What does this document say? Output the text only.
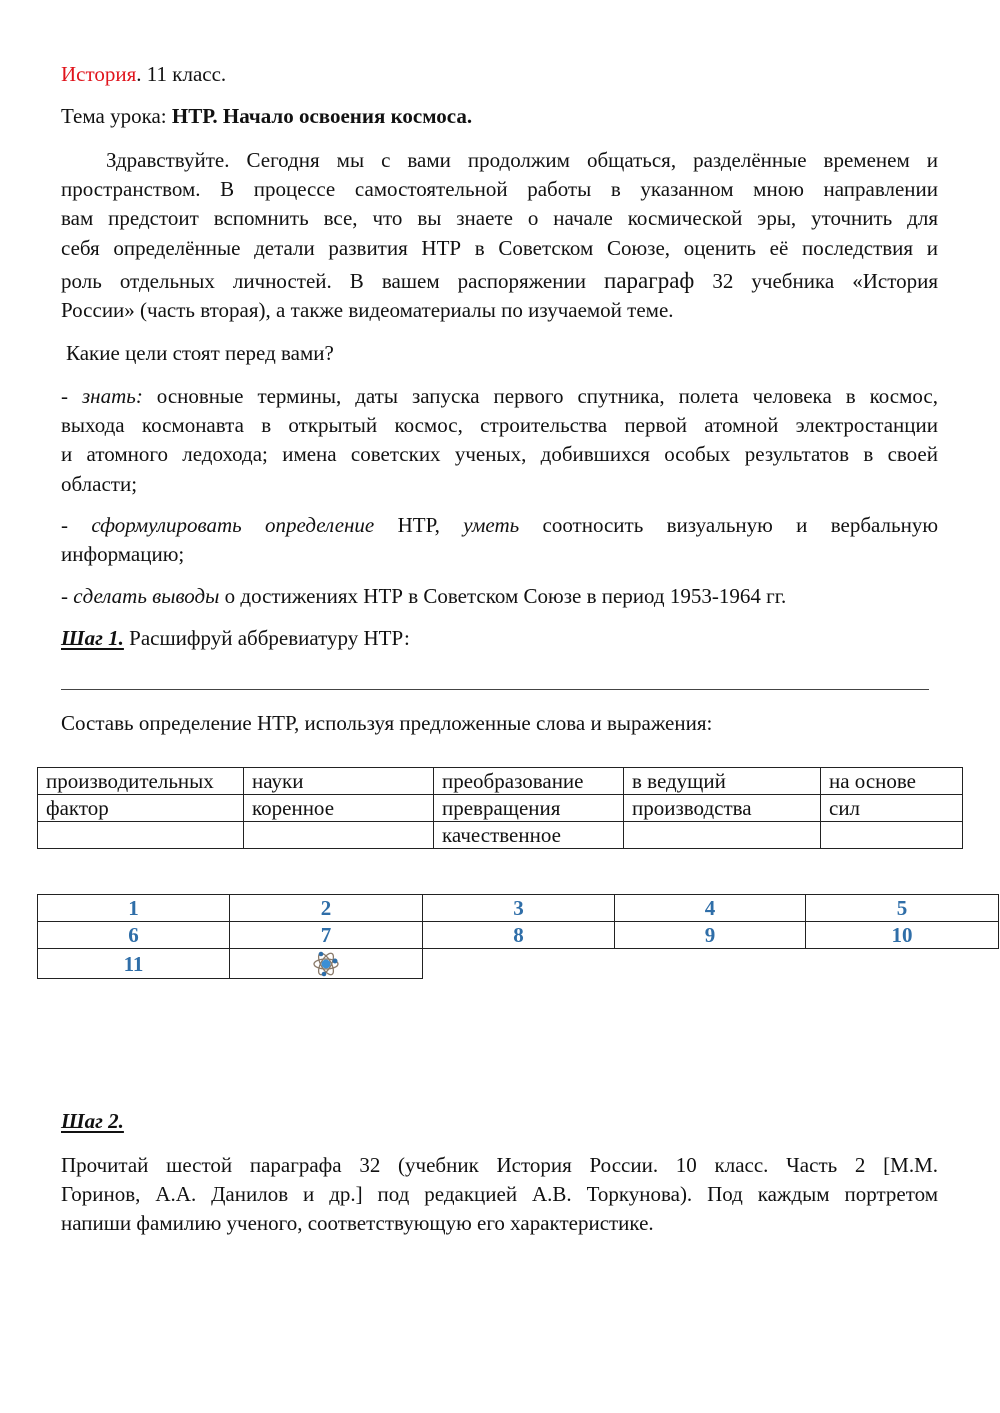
История. 11 класс.
Тема урока: НТР. Начало освоения космоса.
Здравствуйте. Сегодня мы с вами продолжим общаться, разделённые временем и
пространством. В процессе самостоятельной работы в указанном мною направлении
вам предстоит вспомнить все, что вы знаете о начале космической эры, уточнить для
себя определённые детали развития НТР в Советском Союзе, оценить её последствия и
роль отдельных личностей. В вашем распоряжении параграф 32 учебника «История
России» (часть вторая), а также видеоматериалы по изучаемой теме.
Какие цели стоят перед вами?
- знать: основные термины, даты запуска первого спутника, полета человека в космос,
выхода космонавта в открытый космос, строительства первой атомной электростанции
и атомного ледохода; имена советских ученых, добившихся особых результатов в своей
области;
- сформулировать определение НТР, уметь соотносить визуальную и вербальную
информацию;
- сделать выводы о достижениях НТР в Советском Союзе в период 1953-1964 гг.
Шаг 1. Расшифруй аббревиатуру НТР:
Составь определение НТР, используя предложенные слова и выражения:
производительных	науки	преобразование	в ведущий	на основе
фактор	коренное	превращения	производства	сил
		качественное		
1	2	3	4	5
6	7	8	9	10
11				
Шаг 2.
Прочитай шестой параграфа 32 (учебник История России. 10 класс. Часть 2 [М.М.
Горинов, А.А. Данилов и др.] под редакцией А.В. Торкунова). Под каждым портретом
напиши фамилию ученого, соответствующую его характеристике.
